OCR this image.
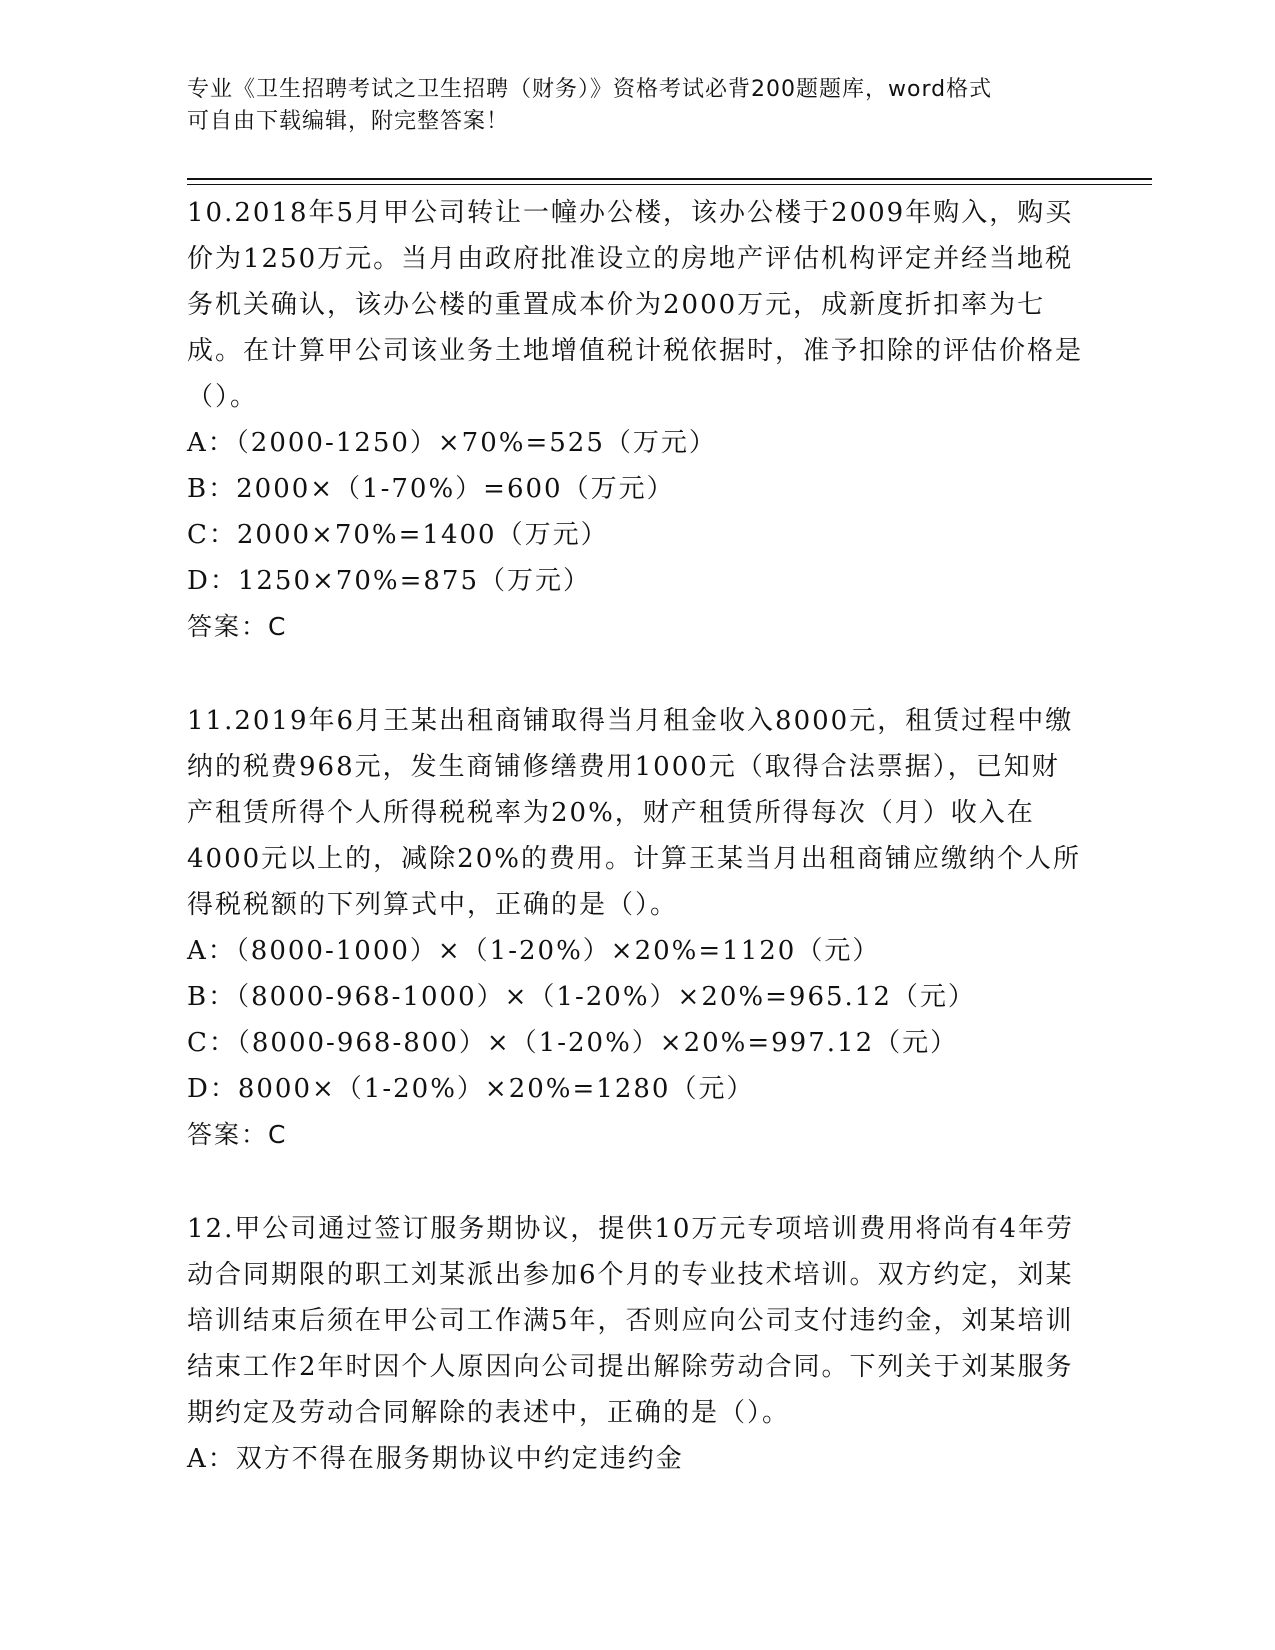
专业《卫生招聘考试之卫生招聘（财务）》资格考试必背200题题库，word格式
可自由下载编辑，附完整答案！
10.2018年5月甲公司转让一幢办公楼，该办公楼于2009年购入，购买价为1250万元。当月由政府批准设立的房地产评估机构评定并经当地税务机关确认，该办公楼的重置成本价为2000万元，成新度折扣率为七成。在计算甲公司该业务土地增值税计税依据时，准予扣除的评估价格是（）。
A：（2000-1250）×70%=525（万元）
B：2000×（1-70%）=600（万元）
C：2000×70%=1400（万元）
D：1250×70%=875（万元）
答案：C
11.2019年6月王某出租商铺取得当月租金收入8000元，租赁过程中缴纳的税费968元，发生商铺修缮费用1000元（取得合法票据），已知财产租赁所得个人所得税税率为20%，财产租赁所得每次（月）收入在4000元以上的，减除20%的费用。计算王某当月出租商铺应缴纳个人所得税税额的下列算式中，正确的是（）。
A：（8000-1000）×（1-20%）×20%=1120（元）
B：（8000-968-1000）×（1-20%）×20%=965.12（元）
C：（8000-968-800）×（1-20%）×20%=997.12（元）
D：8000×（1-20%）×20%=1280（元）
答案：C
12.甲公司通过签订服务期协议，提供10万元专项培训费用将尚有4年劳动合同期限的职工刘某派出参加6个月的专业技术培训。双方约定，刘某培训结束后须在甲公司工作满5年，否则应向公司支付违约金，刘某培训结束工作2年时因个人原因向公司提出解除劳动合同。下列关于刘某服务期约定及劳动合同解除的表述中，正确的是（）。
A：双方不得在服务期协议中约定违约金
